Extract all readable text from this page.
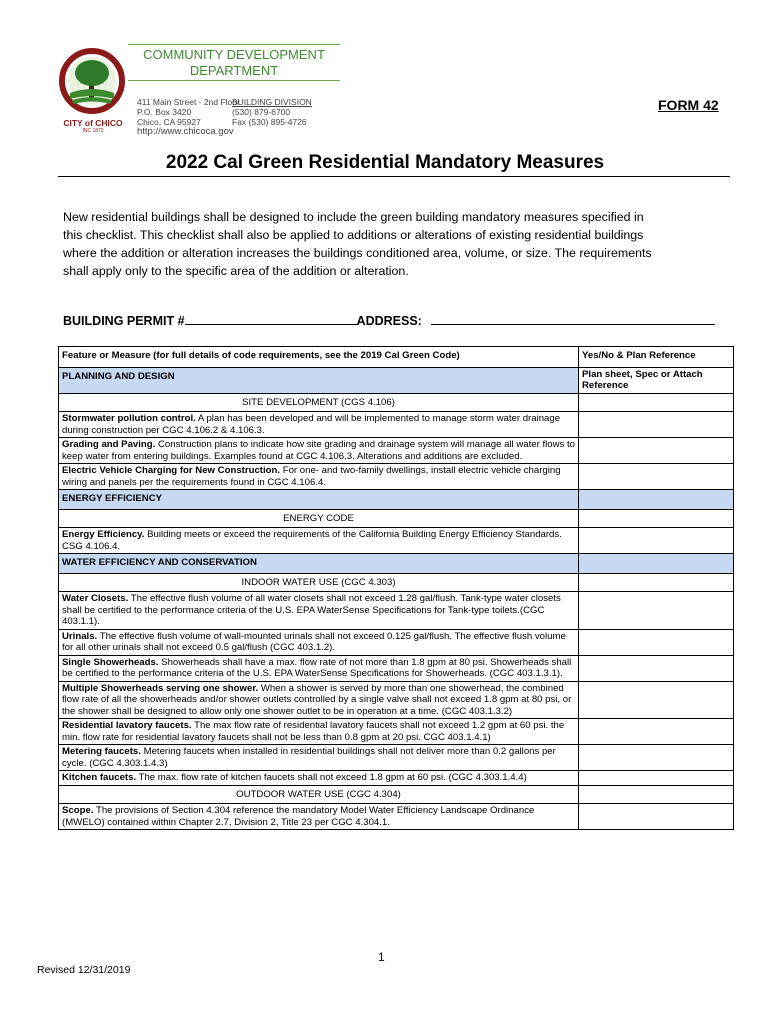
CITY of CHICO
INC 1872
COMMUNITY DEVELOPMENT
DEPARTMENT
411 Main Street - 2nd Floor
P.O. Box 3420
Chico, CA 95927
http://www.chicoca.gov
BUILDING DIVISION
(530) 879-6700
Fax (530) 895-4726
FORM 42
2022 Cal Green Residential Mandatory Measures
New residential buildings shall be designed to include the green building mandatory measures specified in
this checklist. This checklist shall also be applied to additions or alterations of existing residential buildings
where the addition or alteration increases the buildings conditioned area, volume, or size. The requirements
shall apply only to the specific area of the addition or alteration.
BUILDING PERMIT #	ADDRESS:
Feature or Measure (for full details of code requirements, see the 2019 Cal Green Code)	Yes/No & Plan Reference
PLANNING AND DESIGN	Plan sheet, Spec or Attach Reference
SITE DEVELOPMENT (CGS 4.106)	
Stormwater pollution control. A plan has been developed and will be implemented to manage storm water drainage during construction per CGC 4.106.2 & 4.106.3.	
Grading and Paving. Construction plans to indicate how site grading and drainage system will manage all water flows to keep water from entering buildings. Examples found at CGC 4.106.3. Alterations and additions are excluded.	
Electric Vehicle Charging for New Construction. For one- and two-family dwellings, install electric vehicle charging wiring and panels per the requirements found in CGC 4.106.4.	
ENERGY EFFICIENCY	
ENERGY CODE	
Energy Efficiency. Building meets or exceed the requirements of the California Building Energy Efficiency Standards. CSG 4.106.4.	
WATER EFFICIENCY AND CONSERVATION	
INDOOR WATER USE (CGC 4.303)	
Water Closets. The effective flush volume of all water closets shall not exceed 1.28 gal/flush. Tank-type water closets shall be certified to the performance criteria of the U.S. EPA WaterSense Specifications for Tank-type toilets.(CGC 403.1.1).	
Urinals. The effective flush volume of wall-mounted urinals shall not exceed 0.125 gal/flush. The effective flush volume for all other urinals shall not exceed 0.5 gal/flush (CGC 403.1.2).	
Single Showerheads. Showerheads shall have a max. flow rate of not more than 1.8 gpm at 80 psi. Showerheads shall be certified to the performance criteria of the U.S. EPA WaterSense Specifications for Showerheads. (CGC 403.1.3.1).	
Multiple Showerheads serving one shower. When a shower is served by more than one showerhead, the combined flow rate of all the showerheads and/or shower outlets controlled by a single valve shall not exceed 1.8 gpm at 80 psi, or the shower shall be designed to allow only one shower outlet to be in operation at a time. (CGC 403.1.3.2)	
Residential lavatory faucets. The max flow rate of residential lavatory faucets shall not exceed 1.2 gpm at 60 psi. the min. flow rate for residential lavatory faucets shall not be less than 0.8 gpm at 20 psi. CGC 403.1.4.1)	
Metering faucets. Metering faucets when installed in residential buildings shall not deliver more than 0.2 gallons per cycle. (CGC 4.303.1.4.3)	
Kitchen faucets. The max. flow rate of kitchen faucets shall not exceed 1.8 gpm at 60 psi. (CGC 4.303.1.4.4)	
OUTDOOR WATER USE (CGC 4.304)	
Scope. The provisions of Section 4.304 reference the mandatory Model Water Efficiency Landscape Ordinance (MWELO) contained within Chapter 2.7, Division 2, Title 23 per CGC 4.304.1.	
1
Revised 12/31/2019
